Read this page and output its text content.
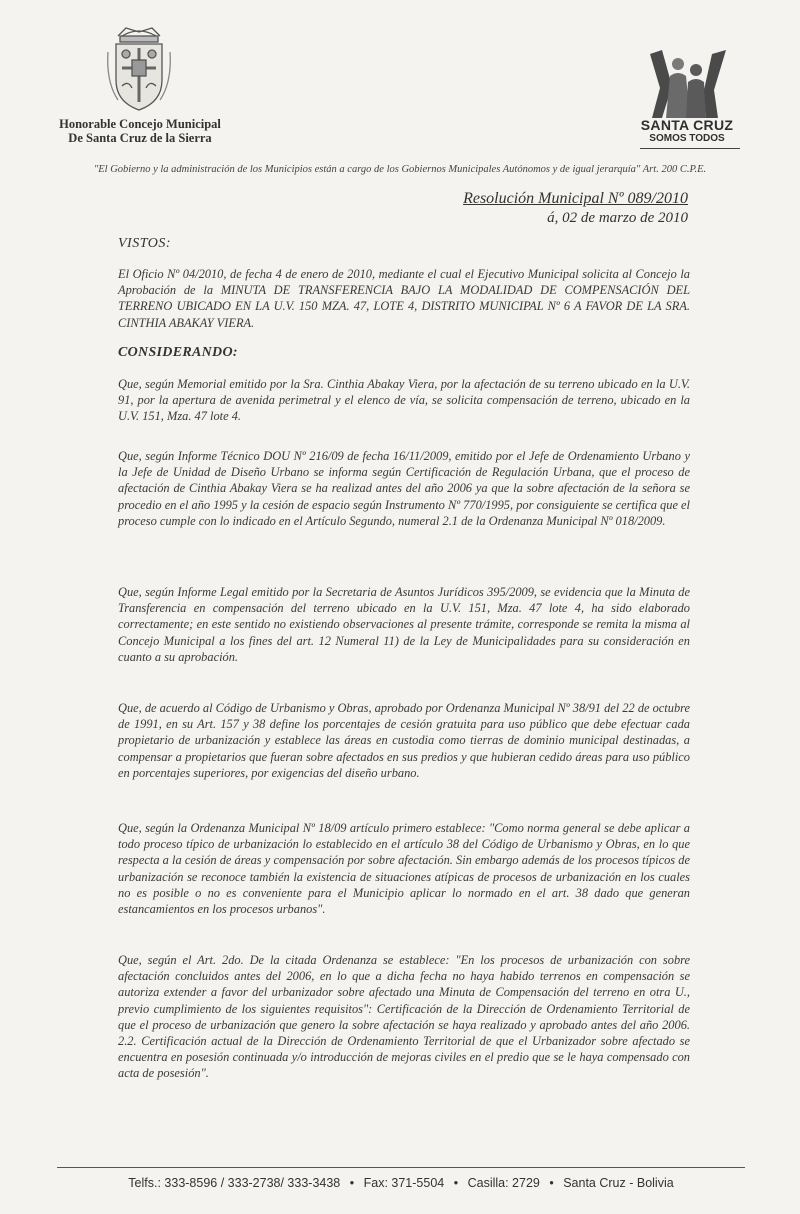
Honorable Concejo Municipal
De Santa Cruz de la Sierra
SANTA CRUZ
SOMOS TODOS
"El Gobierno y la administración de los Municipios están a cargo de los Gobiernos Municipales Autónomos y de igual jerarquía" Art. 200 C.P.E.
Resolución Municipal Nº 089/2010
á, 02 de marzo de 2010

VISTOS:

El Oficio Nº 04/2010, de fecha 4 de enero de 2010, mediante el cual el Ejecutivo Municipal solicita al Concejo la Aprobación de la MINUTA DE TRANSFERENCIA BAJO LA MODALIDAD DE COMPENSACIÓN DEL TERRENO UBICADO EN LA U.V. 150 MZA. 47, LOTE 4, DISTRITO MUNICIPAL Nº 6 A FAVOR DE LA SRA. CINTHIA ABAKAY VIERA.

CONSIDERANDO:

Que, según Memorial emitido por la Sra. Cinthia Abakay Viera, por la afectación de su terreno ubicado en la U.V. 91, por la apertura de avenida perimetral y el elenco de vía, se solicita compensación de terreno, ubicado en la U.V. 151, Mza. 47 lote 4.

Que, según Informe Técnico DOU Nº 216/09 de fecha 16/11/2009, emitido por el Jefe de Ordenamiento Urbano y la Jefe de Unidad de Diseño Urbano se informa según Certificación de Regulación Urbana, que el proceso de afectación de Cinthia Abakay Viera se ha realizad antes del año 2006 ya que la sobre afectación de la señora se procedio en el año 1995 y la cesión de espacio según Instrumento Nº 770/1995, por consiguiente se certifica que el proceso cumple con lo indicado en el Artículo Segundo, numeral 2.1 de la Ordenanza Municipal Nº 018/2009.

Que, según Informe Legal emitido por la Secretaria de Asuntos Jurídicos 395/2009, se evidencia que la Minuta de Transferencia en compensación del terreno ubicado en la U.V. 151, Mza. 47 lote 4, ha sido elaborado correctamente; en este sentido no existiendo observaciones al presente trámite, corresponde se remita la misma al Concejo Municipal a los fines del art. 12 Numeral 11) de la Ley de Municipalidades para su consideración en cuanto a su aprobación.

Que, de acuerdo al Código de Urbanismo y Obras, aprobado por Ordenanza Municipal Nº 38/91 del 22 de octubre de 1991, en su Art. 157 y 38 define los porcentajes de cesión gratuita para uso público que debe efectuar cada propietario de urbanización y establece las áreas en custodia como tierras de dominio municipal destinadas, a compensar a propietarios que fueran sobre afectados en sus predios y que hubieran cedido áreas para uso público en porcentajes superiores, por exigencias del diseño urbano.

Que, según la Ordenanza Municipal Nº 18/09 artículo primero establece: "Como norma general se debe aplicar a todo proceso típico de urbanización lo establecido en el artículo 38 del Código de Urbanismo y Obras, en lo que respecta a la cesión de áreas y compensación por sobre afectación. Sin embargo además de los procesos típicos de urbanización se reconoce también la existencia de situaciones atípicas de procesos de urbanización en los cuales no es posible o no es conveniente para el Municipio aplicar lo normado en el art. 38 dado que generan estancamientos en los procesos urbanos".

Que, según el Art. 2do. De la citada Ordenanza se establece: "En los procesos de urbanización con sobre afectación concluidos antes del 2006, en lo que a dicha fecha no haya habido terrenos en compensación se autoriza extender a favor del urbanizador sobre afectado una Minuta de Compensación del terreno en otra U., previo cumplimiento de los siguientes requisitos": Certificación de la Dirección de Ordenamiento Territorial de que el proceso de urbanización que genero la sobre afectación se haya realizado y aprobado antes del año 2006. 2.2. Certificación actual de la Dirección de Ordenamiento Territorial de que el Urbanizador sobre afectado se encuentra en posesión continuada y/o introducción de mejoras civiles en el predio que se le haya compensado con acta de posesión".

Telfs.: 333-8596 / 333-2738/ 333-3438 • Fax: 371-5504 • Casilla: 2729 • Santa Cruz - Bolivia
